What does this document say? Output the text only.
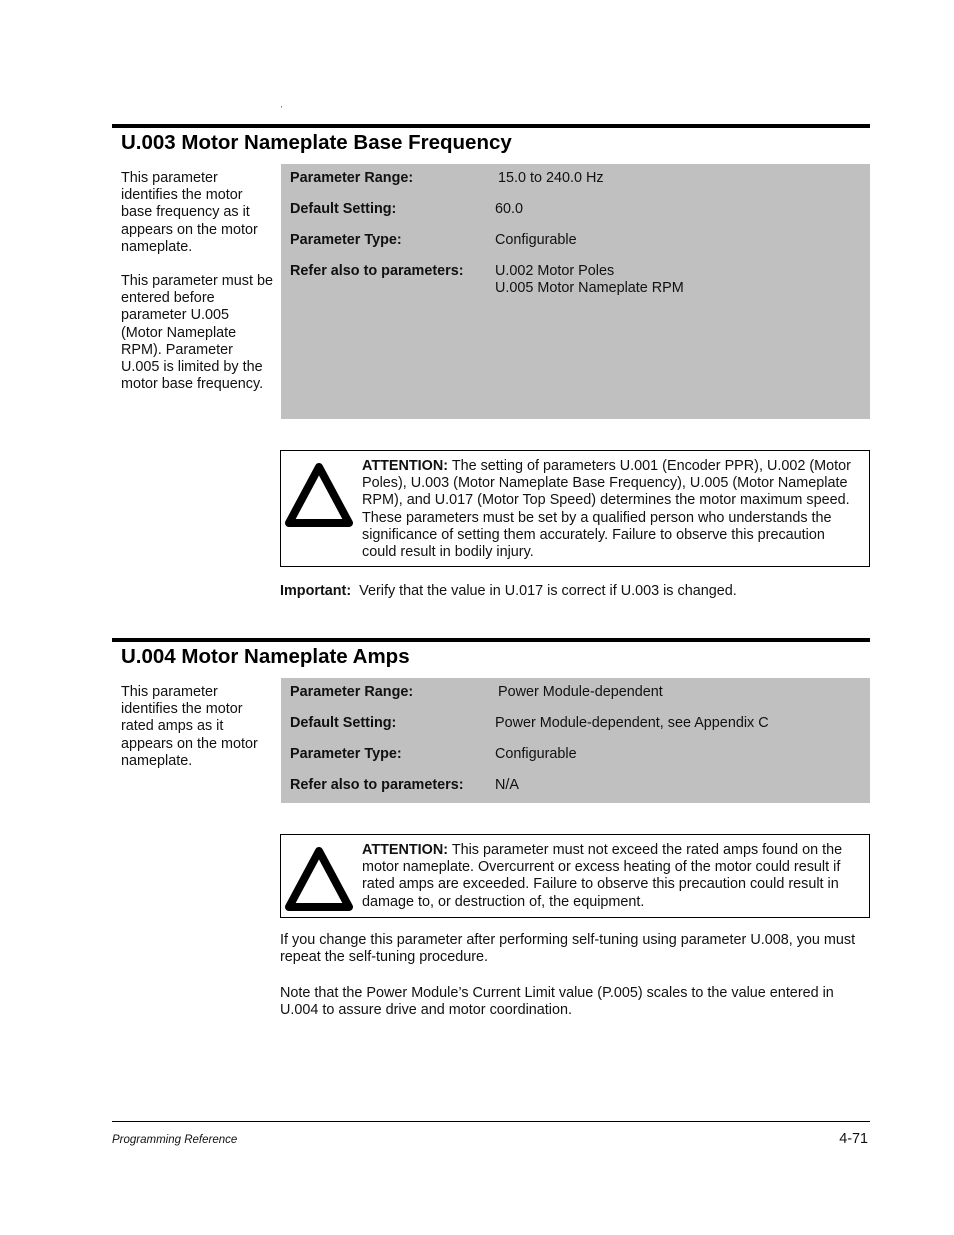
'
U.003 Motor Nameplate Base Frequency

This parameter identifies the motor base frequency as it appears on the motor nameplate.

This parameter must be entered before parameter U.005 (Motor Nameplate RPM). Parameter U.005 is limited by the motor base frequency.

Parameter Range:	15.0 to 240.0 Hz
Default Setting:	60.0
Parameter Type:	Configurable
Refer also to parameters: U.002 Motor Poles
U.005 Motor Nameplate RPM
ATTENTION: The setting of parameters U.001 (Encoder PPR), U.002 (Motor Poles), U.003 (Motor Nameplate Base Frequency), U.005 (Motor Nameplate RPM), and U.017 (Motor Top Speed) determines the motor maximum speed. These parameters must be set by a qualified person who understands the significance of setting them accurately. Failure to observe this precaution could result in bodily injury.
Important: Verify that the value in U.017 is correct if U.003 is changed.
U.004 Motor Nameplate Amps

This parameter identifies the motor rated amps as it appears on the motor nameplate.

Parameter Range:	Power Module-dependent
Default Setting:	Power Module-dependent, see Appendix C
Parameter Type:	Configurable
Refer also to parameters: N/A
ATTENTION: This parameter must not exceed the rated amps found on the motor nameplate. Overcurrent or excess heating of the motor could result if rated amps are exceeded. Failure to observe this precaution could result in damage to, or destruction of, the equipment.
If you change this parameter after performing self-tuning using parameter U.008, you must repeat the self-tuning procedure.
Note that the Power Module’s Current Limit value (P.005) scales to the value entered in U.004 to assure drive and motor coordination.
Programming Reference	4-71
